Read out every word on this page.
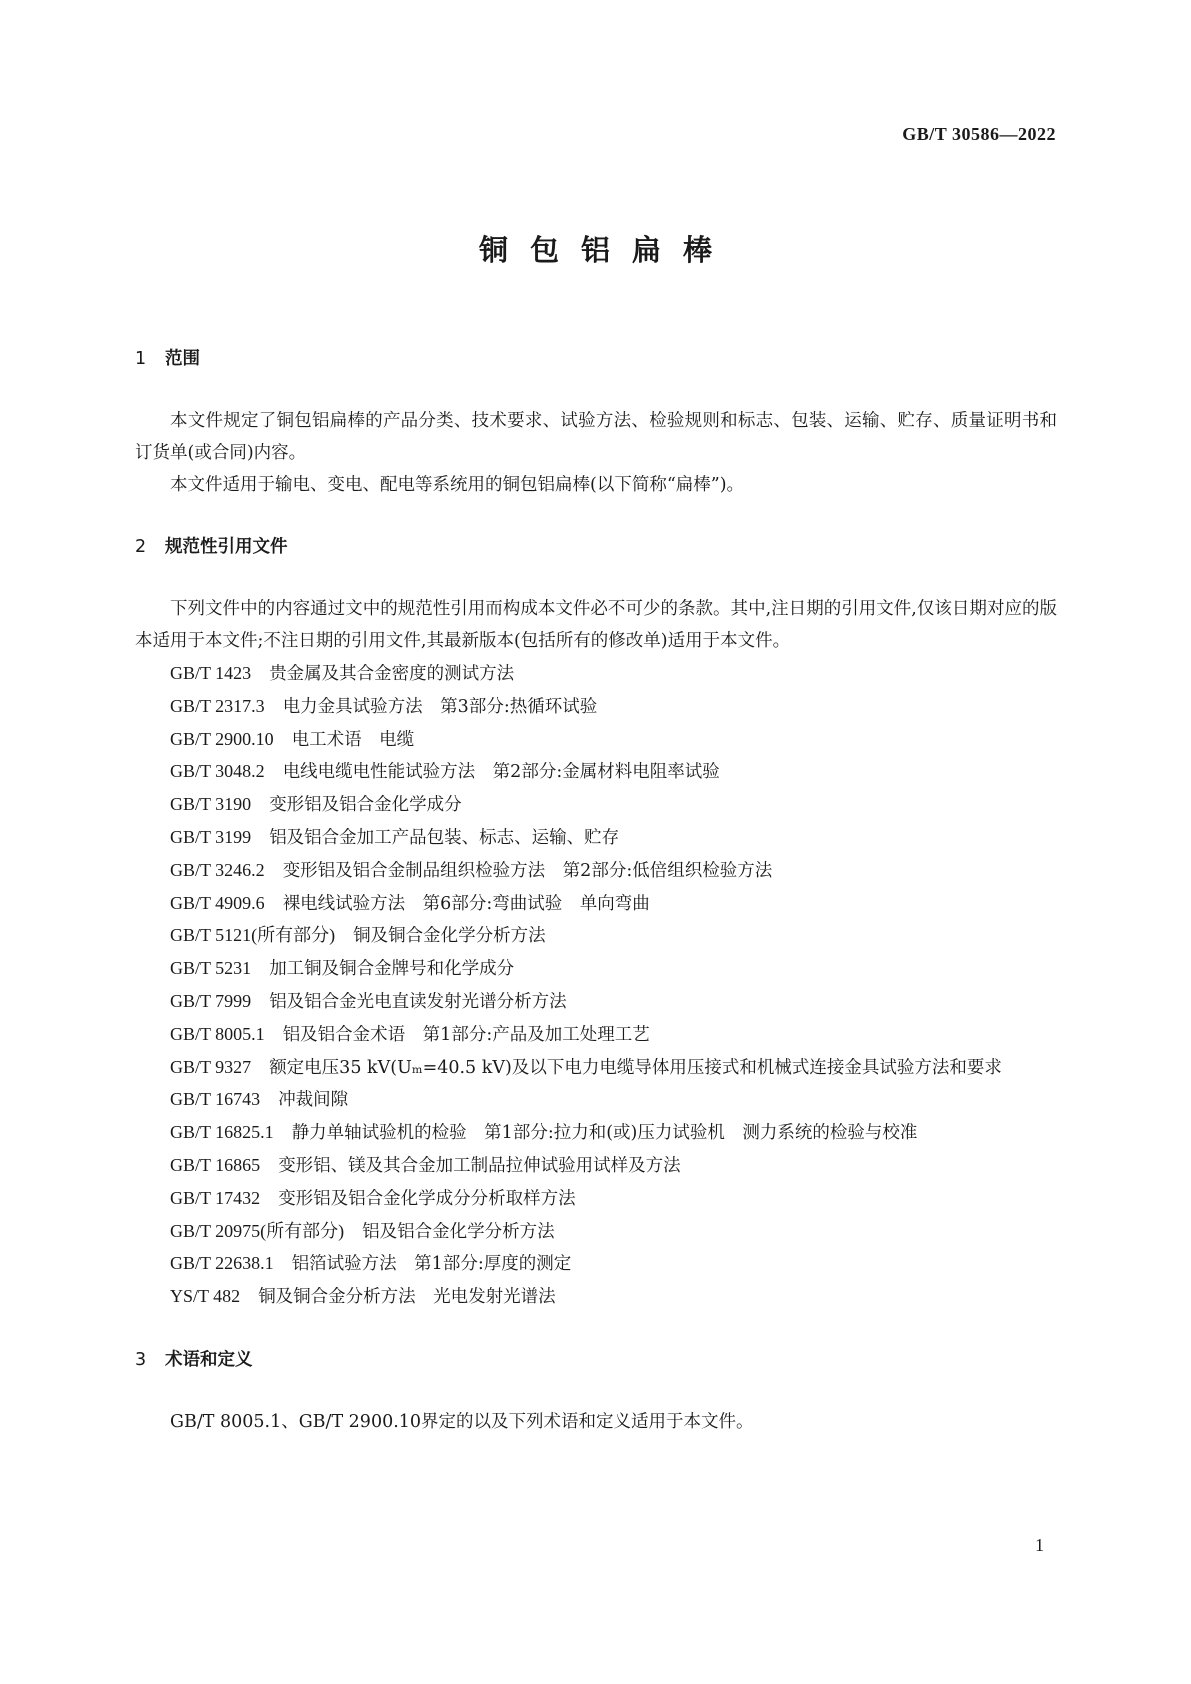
GB/T 30586—2022
铜包铝扁棒
1 范围

本文件规定了铜包铝扁棒的产品分类、技术要求、试验方法、检验规则和标志、包装、运输、贮存、质量证明书和订货单(或合同)内容。

本文件适用于输电、变电、配电等系统用的铜包铝扁棒(以下简称“扁棒”)。

2 规范性引用文件

下列文件中的内容通过文中的规范性引用而构成本文件必不可少的条款。其中,注日期的引用文件,仅该日期对应的版本适用于本文件;不注日期的引用文件,其最新版本(包括所有的修改单)适用于本文件。

GB/T 1423 贵金属及其合金密度的测试方法

GB/T 2317.3 电力金具试验方法　第3部分:热循环试验

GB/T 2900.10 电工术语　电缆

GB/T 3048.2 电线电缆电性能试验方法　第2部分:金属材料电阻率试验

GB/T 3190 变形铝及铝合金化学成分

GB/T 3199 铝及铝合金加工产品包装、标志、运输、贮存

GB/T 3246.2 变形铝及铝合金制品组织检验方法　第2部分:低倍组织检验方法

GB/T 4909.6 裸电线试验方法　第6部分:弯曲试验　单向弯曲

GB/T 5121(所有部分) 铜及铜合金化学分析方法

GB/T 5231 加工铜及铜合金牌号和化学成分

GB/T 7999 铝及铝合金光电直读发射光谱分析方法

GB/T 8005.1 铝及铝合金术语　第1部分:产品及加工处理工艺

GB/T 9327 额定电压35 kV(Uₘ=40.5 kV)及以下电力电缆导体用压接式和机械式连接金具试验方法和要求

GB/T 16743 冲裁间隙

GB/T 16825.1 静力单轴试验机的检验　第1部分:拉力和(或)压力试验机　测力系统的检验与校准

GB/T 16865 变形铝、镁及其合金加工制品拉伸试验用试样及方法

GB/T 17432 变形铝及铝合金化学成分分析取样方法

GB/T 20975(所有部分) 铝及铝合金化学分析方法

GB/T 22638.1 铝箔试验方法　第1部分:厚度的测定

YS/T 482 铜及铜合金分析方法　光电发射光谱法

3 术语和定义

GB/T 8005.1、GB/T 2900.10界定的以及下列术语和定义适用于本文件。

1
